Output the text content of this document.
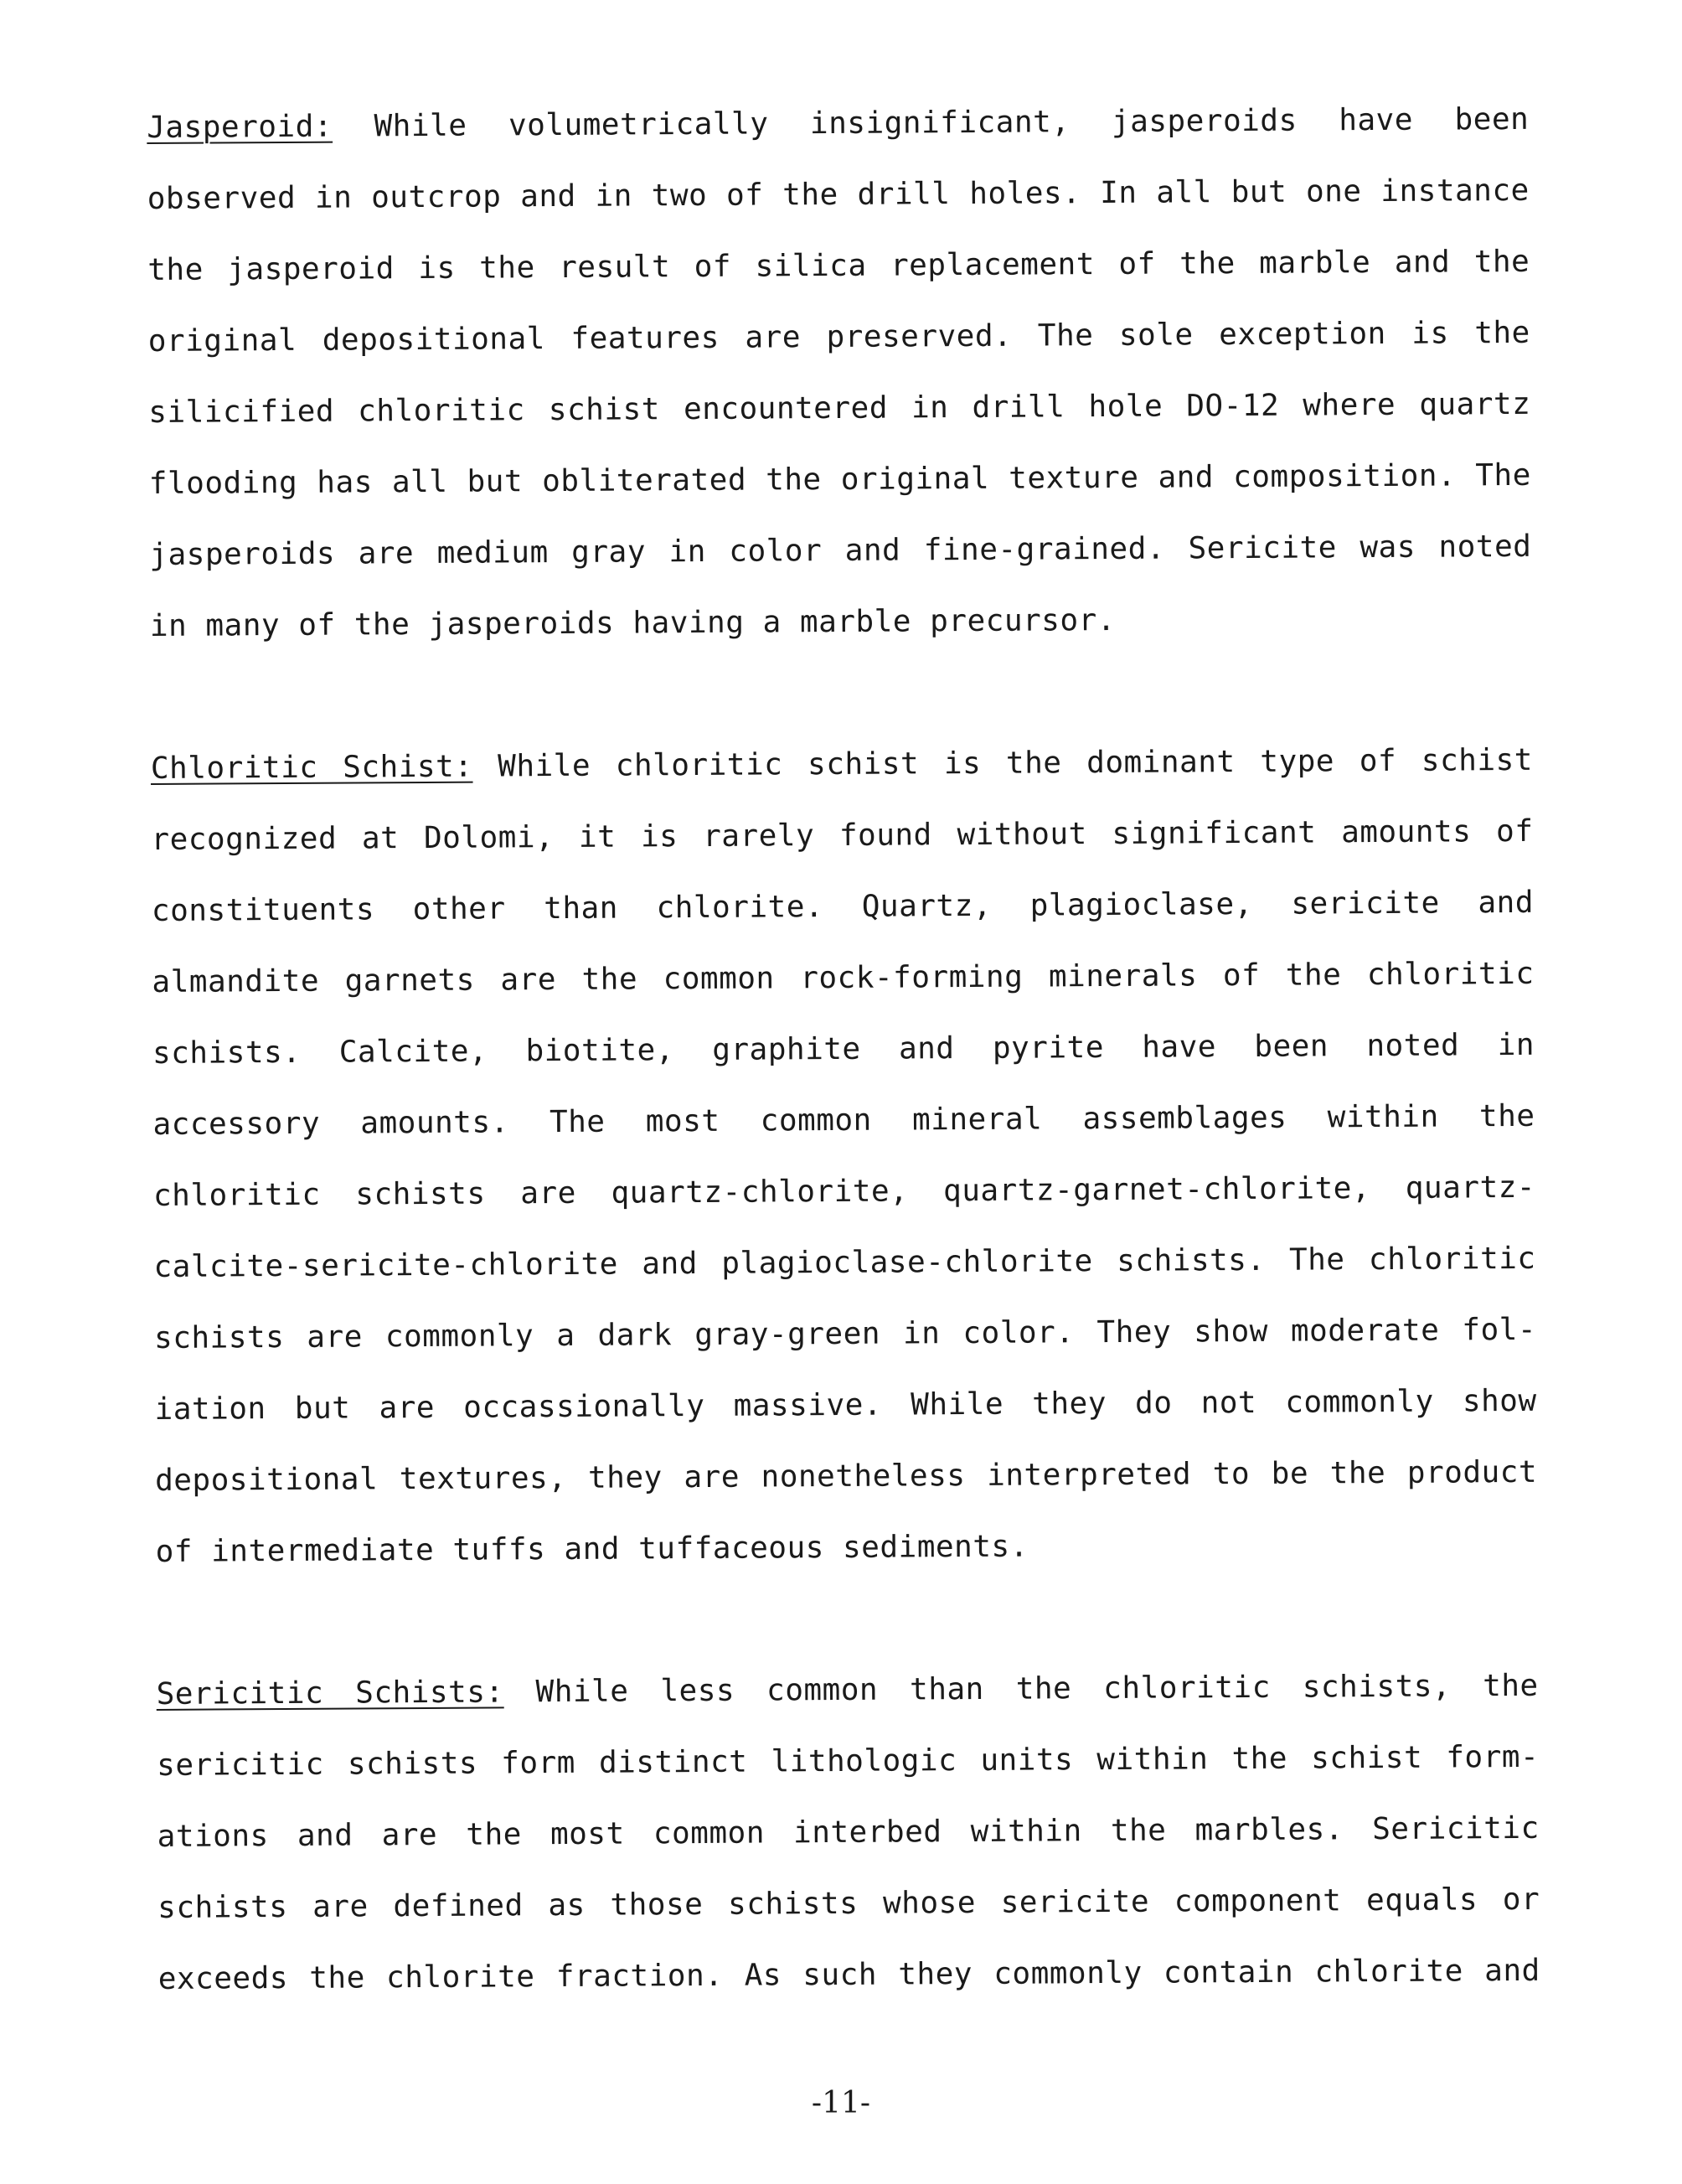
Jasperoid: While volumetrically insignificant, jasperoids have been
observed in outcrop and in two of the drill holes. In all but one instance
the jasperoid is the result of silica replacement of the marble and the
original depositional features are preserved. The sole exception is the
silicified chloritic schist encountered in drill hole DO-12 where quartz
flooding has all but obliterated the original texture and composition. The
jasperoids are medium gray in color and fine-grained. Sericite was noted
in many of the jasperoids having a marble precursor.
Chloritic Schist: While chloritic schist is the dominant type of schist
recognized at Dolomi, it is rarely found without significant amounts of
constituents other than chlorite. Quartz, plagioclase, sericite and
almandite garnets are the common rock-forming minerals of the chloritic
schists. Calcite, biotite, graphite and pyrite have been noted in
accessory amounts. The most common mineral assemblages within the
chloritic schists are quartz-chlorite, quartz-garnet-chlorite, quartz-
calcite-sericite-chlorite and plagioclase-chlorite schists. The chloritic
schists are commonly a dark gray-green in color. They show moderate fol-
iation but are occassionally massive. While they do not commonly show
depositional textures, they are nonetheless interpreted to be the product
of intermediate tuffs and tuffaceous sediments.
Sericitic Schists: While less common than the chloritic schists, the
sericitic schists form distinct lithologic units within the schist form-
ations and are the most common interbed within the marbles. Sericitic
schists are defined as those schists whose sericite component equals or
exceeds the chlorite fraction. As such they commonly contain chlorite and
-11-
